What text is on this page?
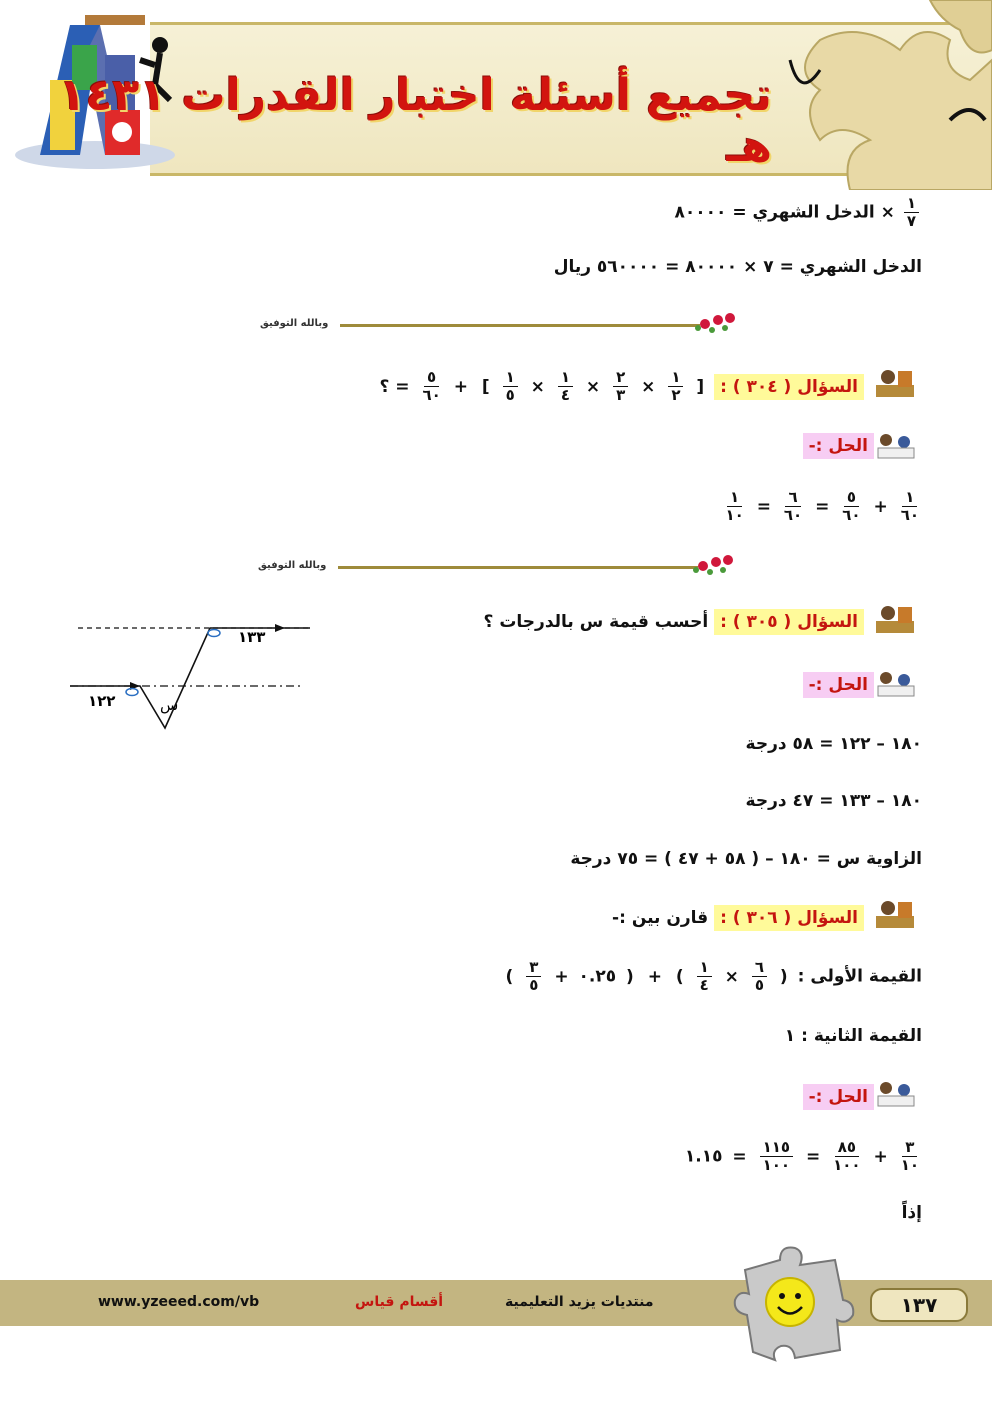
تجميع أسئلة اختبار القدرات ١٤٣١ هـ
$\frac{١}{٧}$
× الدخل الشهري = ٨٠٠٠٠
الدخل الشهري = ٧ × ٨٠٠٠٠ = ٥٦٠٠٠٠ ريال
وبالله التوفيق
السؤال ( ٣٠٤ ) : [
$\frac{١}{٢}$
×
$\frac{٢}{٣}$
×
$\frac{١}{٤}$
×
$\frac{١}{٥}$
] +
$\frac{٥}{٦٠}$
= ؟
الحل :-
$\frac{١}{٦٠}$
+
$\frac{٥}{٦٠}$
=
$\frac{٦}{٦٠}$
=
$\frac{١}{١٠}$
وبالله التوفيق
السؤال ( ٣٠٥ ) : أحسب قيمة س بالدرجات ؟
١٣٣
١٢٢	س
الحل :-
١٨٠ – ١٢٢ = ٥٨ درجة
١٨٠ – ١٣٣ = ٤٧ درجة
الزاوية س = ١٨٠ – ( ٥٨ + ٤٧ ) = ٧٥ درجة
السؤال ( ٣٠٦ ) : قارن بين :-
القيمة الأولى : (
$\frac{٦}{٥}$
×
$\frac{١}{٤}$
) + ( ٠.٢٥ +
$\frac{٣}{٥}$
)
القيمة الثانية : ١
الحل :-
$\frac{٣}{١٠}$
+
$\frac{٨٥}{١٠٠}$
=
$\frac{١١٥}{١٠٠}$
= ١.١٥
إذاً
١٣٧
منتديات يزيد التعليمية
أقسام قياس
www.yzeeed.com/vb
